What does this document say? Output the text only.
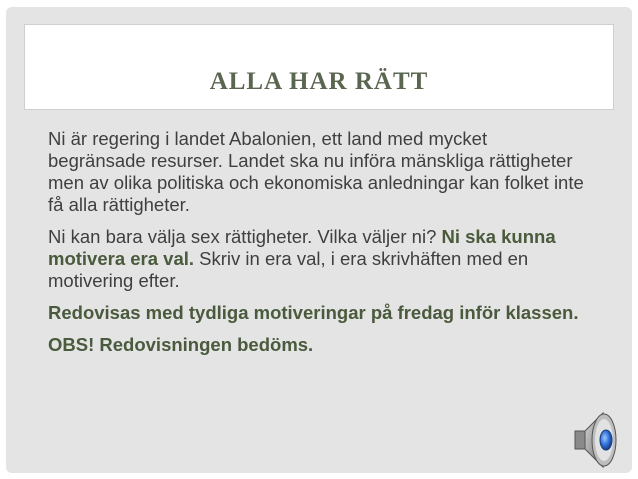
ALLA HAR RÄTT

Ni är regering i landet Abalonien, ett land med mycket begränsade resurser. Landet ska nu införa mänskliga rättigheter men av olika politiska och ekonomiska anledningar kan folket inte få alla rättigheter.

Ni kan bara välja sex rättigheter. Vilka väljer ni? Ni ska kunna motivera era val. Skriv in era val, i era skrivhäften med en motivering efter.

Redovisas med tydliga motiveringar på fredag inför klassen.

OBS! Redovisningen bedöms.
